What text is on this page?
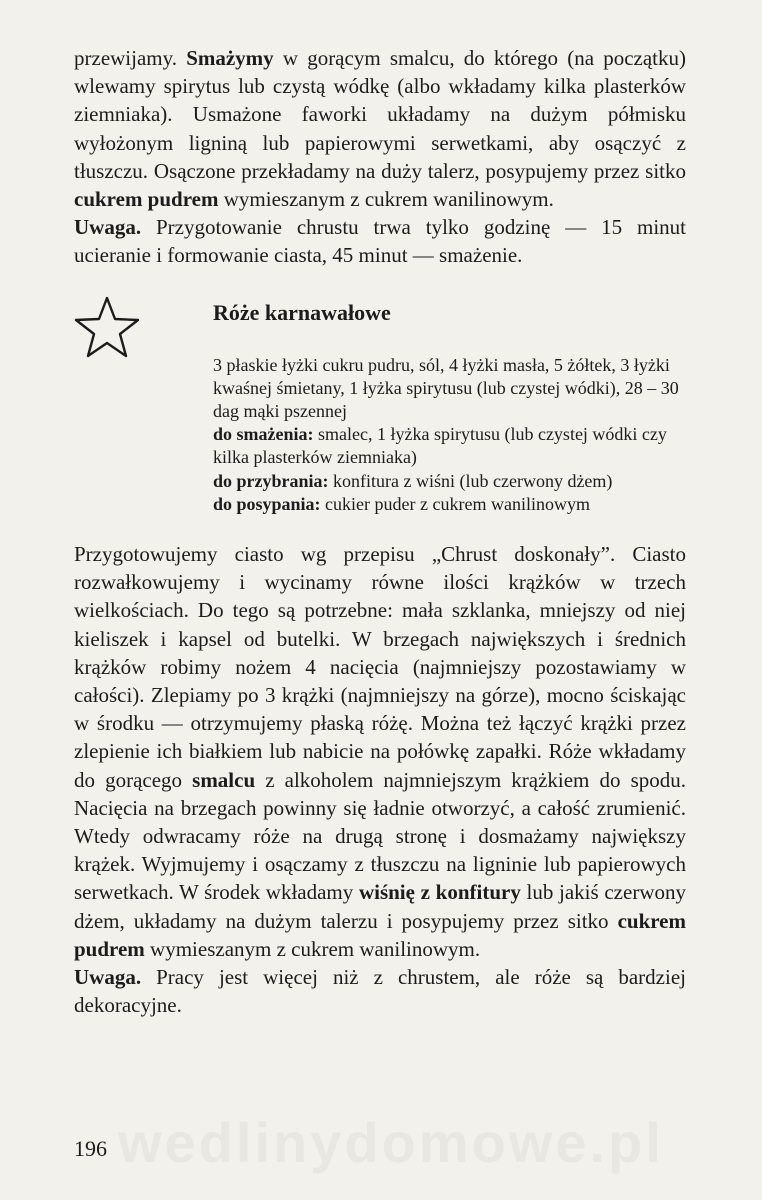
przewijamy. Smażymy w gorącym smalcu, do którego (na początku) wlewamy spirytus lub czystą wódkę (albo wkładamy kilka plasterków ziemniaka). Usmażone faworki układamy na dużym półmisku wyłożonym ligniną lub papierowymi serwetkami, aby osączyć z tłuszczu. Osączone przekładamy na duży talerz, posypujemy przez sitko cukrem pudrem wymieszanym z cukrem wanilinowym.

Uwaga. Przygotowanie chrustu trwa tylko godzinę — 15 minut ucieranie i formowanie ciasta, 45 minut — smażenie.

Róże karnawałowe

3 płaskie łyżki cukru pudru, sól, 4 łyżki masła, 5 żółtek, 3 łyżki kwaśnej śmietany, 1 łyżka spirytusu (lub czystej wódki), 28 – 30 dag mąki pszennej

do smażenia: smalec, 1 łyżka spirytusu (lub czystej wódki czy kilka plasterków ziemniaka)

do przybrania: konfitura z wiśni (lub czerwony dżem)

do posypania: cukier puder z cukrem wanilinowym

Przygotowujemy ciasto wg przepisu „Chrust doskonały”. Ciasto rozwałkowujemy i wycinamy równe ilości krążków w trzech wielkościach. Do tego są potrzebne: mała szklanka, mniejszy od niej kieliszek i kapsel od butelki. W brzegach największych i średnich krążków robimy nożem 4 nacięcia (najmniejszy pozostawiamy w całości). Zlepiamy po 3 krążki (najmniejszy na górze), mocno ściskając w środku — otrzymujemy płaską różę. Można też łączyć krążki przez zlepienie ich białkiem lub nabicie na połówkę zapałki. Róże wkładamy do gorącego smalcu z alkoholem najmniejszym krążkiem do spodu. Nacięcia na brzegach powinny się ładnie otworzyć, a całość zrumienić. Wtedy odwracamy róże na drugą stronę i dosmażamy największy krążek. Wyjmujemy i osączamy z tłuszczu na ligninie lub papierowych serwetkach. W środek wkładamy wiśnię z konfitury lub jakiś czerwony dżem, układamy na dużym talerzu i posypujemy przez sitko cukrem pudrem wymieszanym z cukrem wanilinowym.

Uwaga. Pracy jest więcej niż z chrustem, ale róże są bardziej dekoracyjne.

wedlinydomowe.pl
196
